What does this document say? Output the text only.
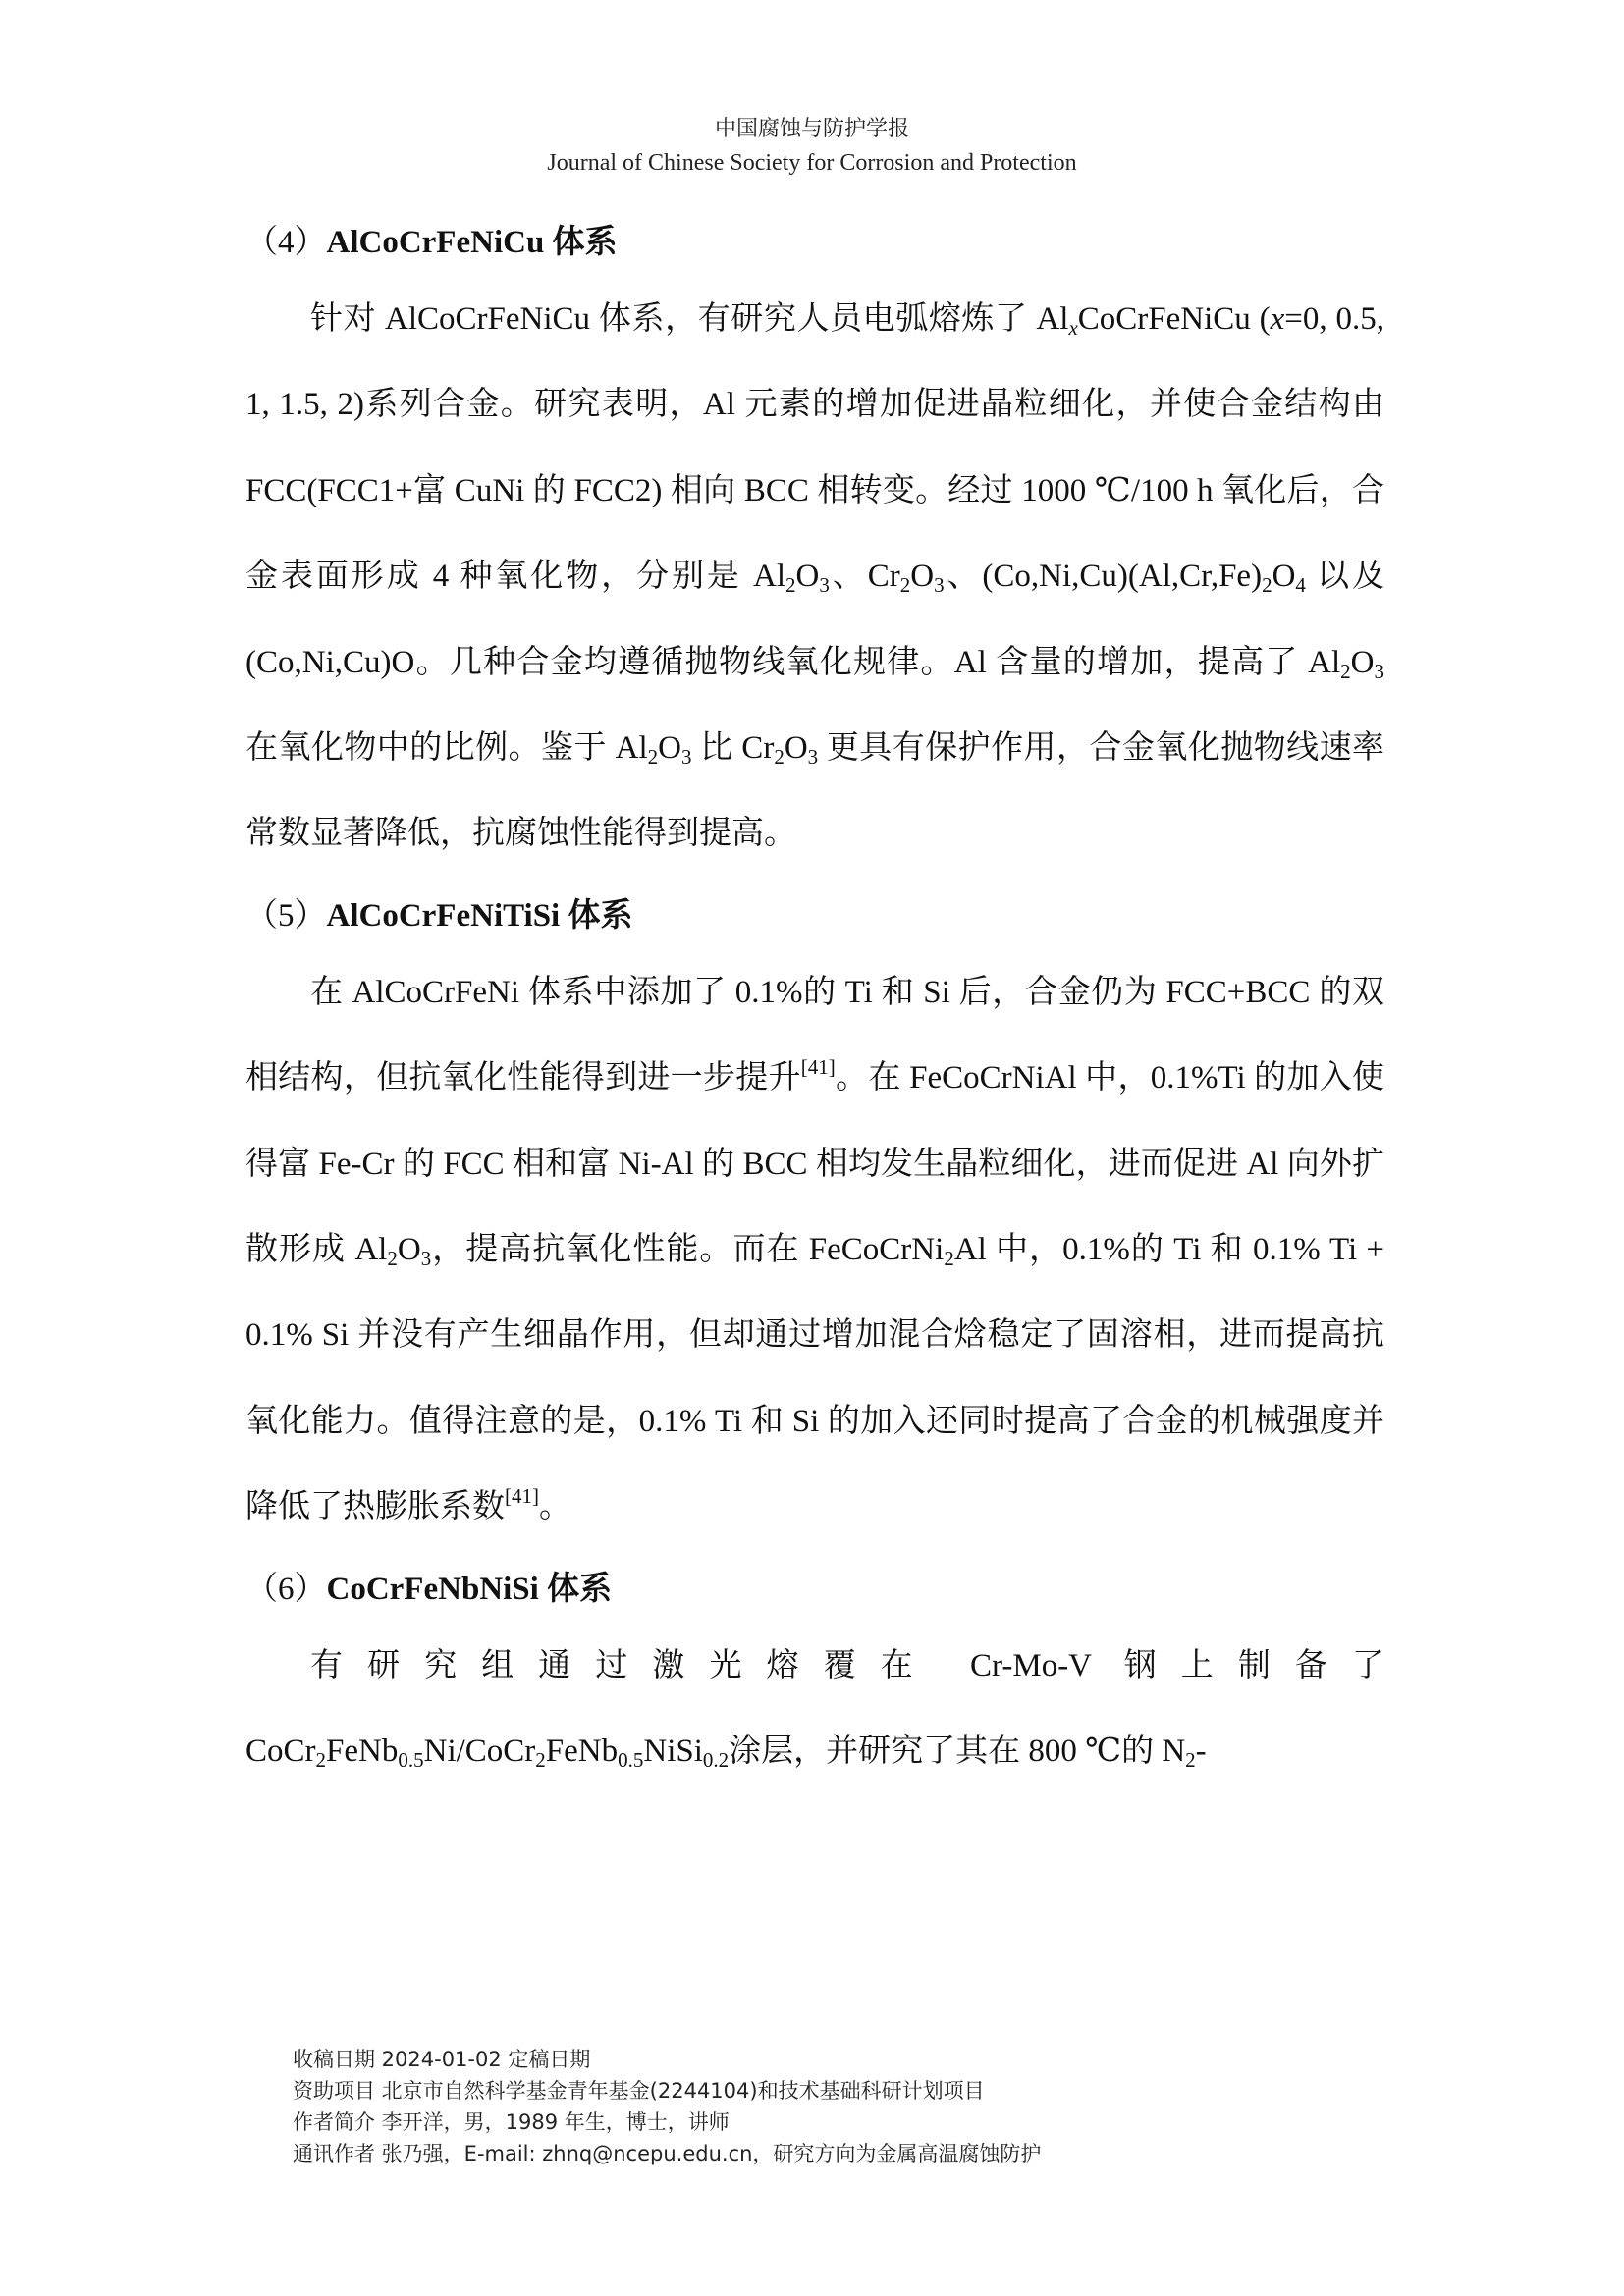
中国腐蚀与防护学报
Journal of Chinese Society for Corrosion and Protection

（4）AlCoCrFeNiCu 体系

针对 AlCoCrFeNiCu 体系，有研究人员电弧熔炼了 $Al_xCoCrFeNiCu$ (x=0, 0.5, 1, 1.5, 2)系列合金。研究表明，Al 元素的增加促进晶粒细化，并使合金结构由 FCC(FCC1+富 CuNi 的 FCC2) 相向 BCC 相转变。经过 1000 ℃/100 h 氧化后，合金表面形成 4 种氧化物，分别是 $Al_2O_3$、$Cr_2O_3$、$(Co,Ni,Cu)(Al,Cr,Fe)_2O_4$ 以及(Co,Ni,Cu)O。几种合金均遵循抛物线氧化规律。Al 含量的增加，提高了 $Al_2O_3$ 在氧化物中的比例。鉴于 $Al_2O_3$ 比 $Cr_2O_3$ 更具有保护作用，合金氧化抛物线速率常数显著降低，抗腐蚀性能得到提高。

（5）AlCoCrFeNiTiSi 体系

在 AlCoCrFeNi 体系中添加了 0.1%的 Ti 和 Si 后，合金仍为 FCC+BCC 的双相结构，但抗氧化性能得到进一步提升[41]。在 FeCoCrNiAl 中，0.1%Ti 的加入使得富 Fe-Cr 的 FCC 相和富 Ni-Al 的 BCC 相均发生晶粒细化，进而促进 Al 向外扩散形成 $Al_2O_3$，提高抗氧化性能。而在 FeCoCrNi$_2$Al 中，0.1%的 Ti 和 0.1% Ti + 0.1% Si 并没有产生细晶作用，但却通过增加混合焓稳定了固溶相，进而提高抗氧化能力。值得注意的是，0.1% Ti 和 Si 的加入还同时提高了合金的机械强度并降低了热膨胀系数[41]。

（6）CoCrFeNbNiSi 体系

有研究组通过激光熔覆在 Cr-Mo-V 钢上制备了 CoCr$_2$FeNb$_{0.5}$Ni/CoCr$_2$FeNb$_{0.5}$NiSi$_{0.2}$涂层，并研究了其在 800 ℃的 $N_2-$

收稿日期 2024-01-02 定稿日期
资助项目 北京市自然科学基金青年基金(2244104)和技术基础科研计划项目
作者简介 李开洋，男，1989 年生，博士，讲师
通讯作者 张乃强，E-mail: zhnq@ncepu.edu.cn，研究方向为金属高温腐蚀防护
